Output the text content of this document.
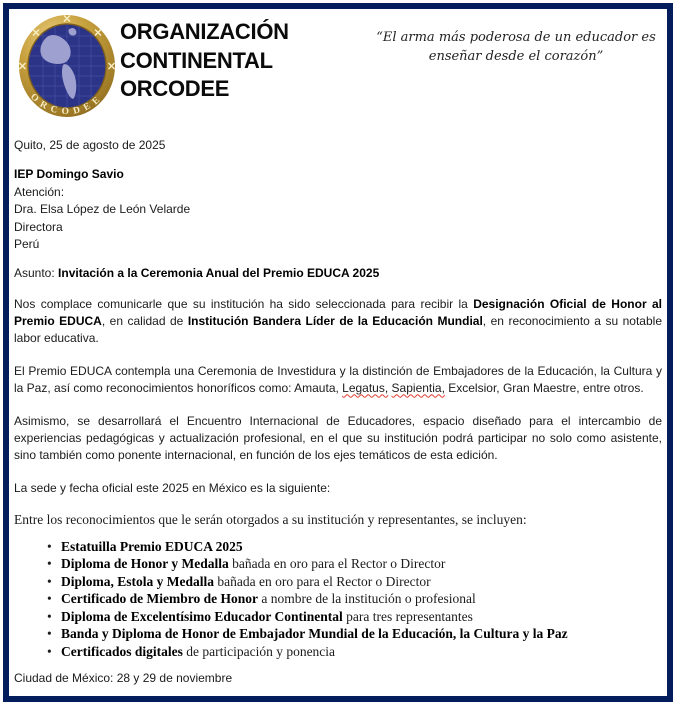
ORCODEE
ORGANIZACIÓN
CONTINENTAL
ORCODEE
“El arma más poderosa de un educador es
enseñar desde el corazón”

Quito, 25 de agosto de 2025

IEP Domingo Savio
Atención:
Dra. Elsa López de León Velarde
Directora
Perú

Asunto: Invitación a la Ceremonia Anual del Premio EDUCA 2025

Nos complace comunicarle que su institución ha sido seleccionada para recibir la Designación Oficial de Honor al Premio EDUCA, en calidad de Institución Bandera Líder de la Educación Mundial, en reconocimiento a su notable labor educativa.

El Premio EDUCA contempla una Ceremonia de Investidura y la distinción de Embajadores de la Educación, la Cultura y la Paz, así como reconocimientos honoríficos como: Amauta, Legatus, Sapientia, Excelsior, Gran Maestre, entre otros.

Asimismo, se desarrollará el Encuentro Internacional de Educadores, espacio diseñado para el intercambio de experiencias pedagógicas y actualización profesional, en el que su institución podrá participar no solo como asistente, sino también como ponente internacional, en función de los ejes temáticos de esta edición.

La sede y fecha oficial este 2025 en México es la siguiente:

Entre los reconocimientos que le serán otorgados a su institución y representantes, se incluyen:

• Estatuilla Premio EDUCA 2025
• Diploma de Honor y Medalla bañada en oro para el Rector o Director
• Diploma, Estola y Medalla bañada en oro para el Rector o Director
• Certificado de Miembro de Honor a nombre de la institución o profesional
• Diploma de Excelentísimo Educador Continental para tres representantes
• Banda y Diploma de Honor de Embajador Mundial de la Educación, la Cultura y la Paz
• Certificados digitales de participación y ponencia

Ciudad de México: 28 y 29 de noviembre
